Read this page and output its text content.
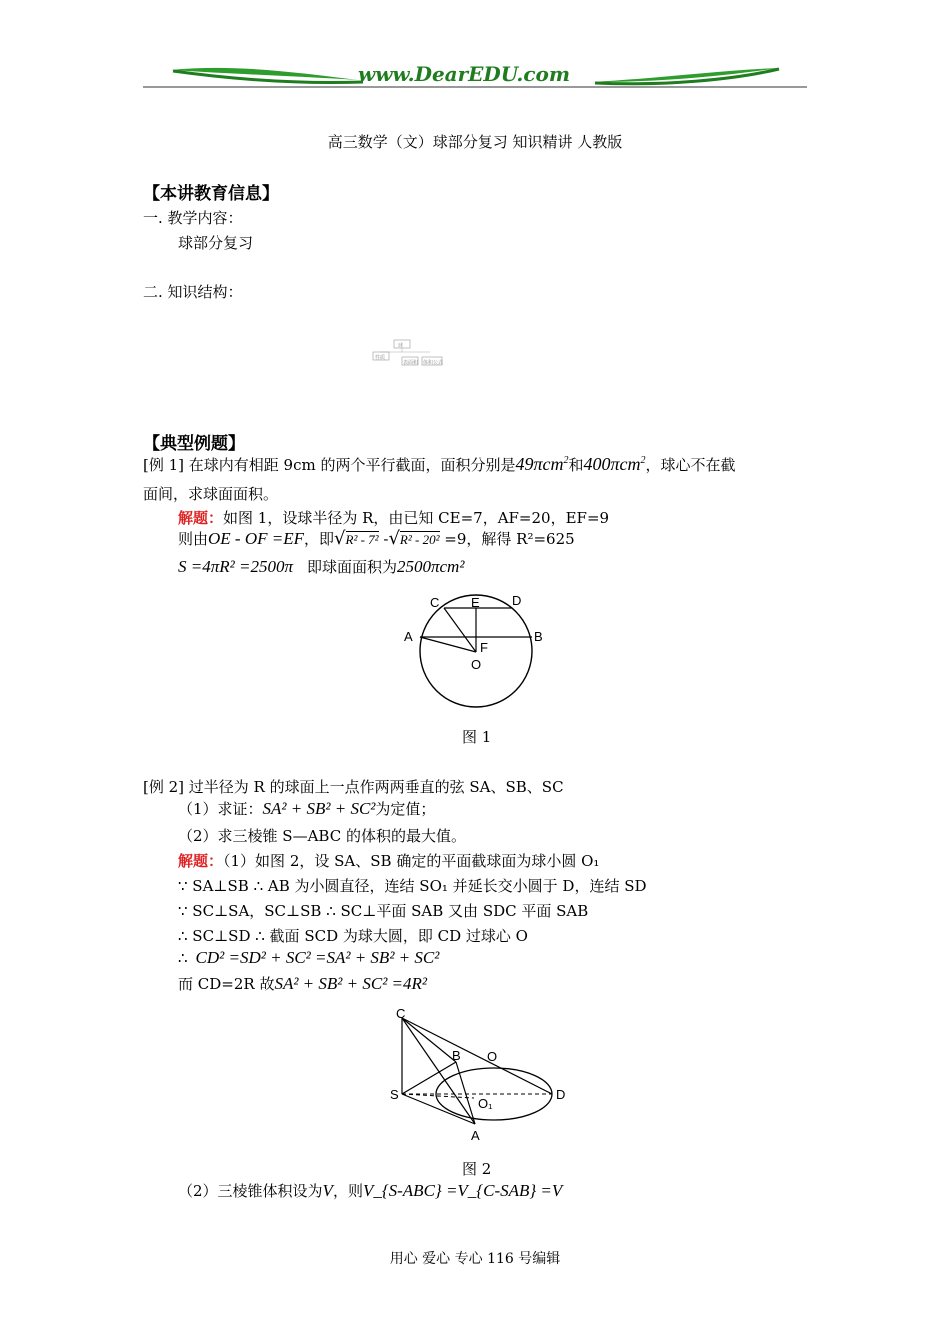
www.DearEDU.com
高三数学（文）球部分复习 知识精讲 人教版
【本讲教育信息】
一. 教学内容：
球部分复习
二. 知识结构：
球
性质
表面积 体积公式
【典型例题】
[例 1] 在球内有相距 9cm 的两个平行截面，面积分别是49πcm$^2$和400πcm$^2$，球心不在截
面间，求球面面积。
解题：如图 1，设球半径为 R，由已知 CE=7，AF=20，EF=9
则由OE - OF =EF，即√R² - 7² -√R² - 20² =9，解得 R²=625
S =4πR² =2500π 即球面面积为2500πcm²
C E D
A	B
F
O
图 1
[例 2] 过半径为 R 的球面上一点作两两垂直的弦 SA、SB、SC
（1）求证：SA² + SB² + SC²为定值；
（2）求三棱锥 S—ABC 的体积的最大值。
解题：（1）如图 2，设 SA、SB 确定的平面截球面为球小圆 O₁
∵ SA⊥SB ∴ AB 为小圆直径，连结 SO₁ 并延长交小圆于 D，连结 SD
∵ SC⊥SA，SC⊥SB ∴ SC⊥平面 SAB 又由 SDC 平面 SAB
∴ SC⊥SD ∴ 截面 SCD 为球大圆，即 CD 过球心 O
∴ CD² =SD² + SC² =SA² + SB² + SC²
而 CD=2R 故SA² + SB² + SC² =4R²
C
B O
S	D
O₁
A
图 2
（2）三棱锥体积设为V，则V_{S-ABC} =V_{C-SAB} =V
用心 爱心 专心 116 号编辑
